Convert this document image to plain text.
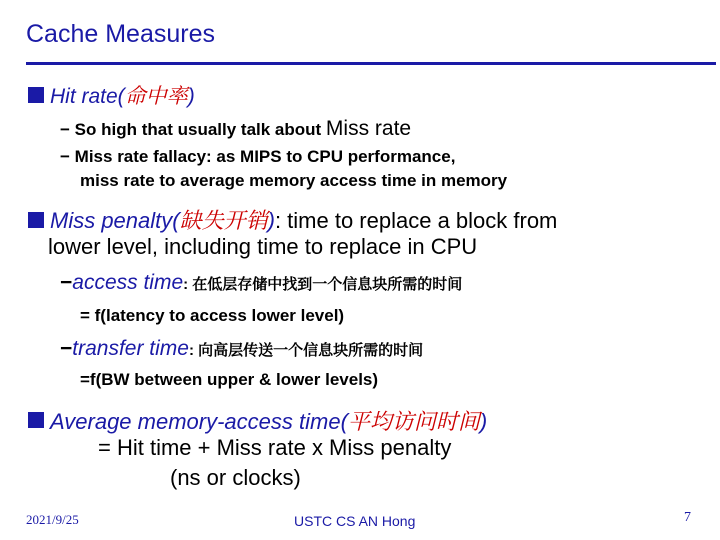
Cache Measures
Hit rate(命中率)
− So high that usually talk about Miss rate
− Miss rate fallacy: as MIPS to CPU performance,
miss rate to average memory access time in memory
Miss penalty(缺失开销): time to replace a block from
lower level, including time to replace in CPU
−access time: 在低层存储中找到一个信息块所需的时间
= f(latency to access lower level)
−transfer time: 向高层传送一个信息块所需的时间
=f(BW between upper & lower levels)
Average memory-access time(平均访问时间)
= Hit time + Miss rate x Miss penalty
(ns or clocks)
2021/9/25	USTC CS AN Hong	7
